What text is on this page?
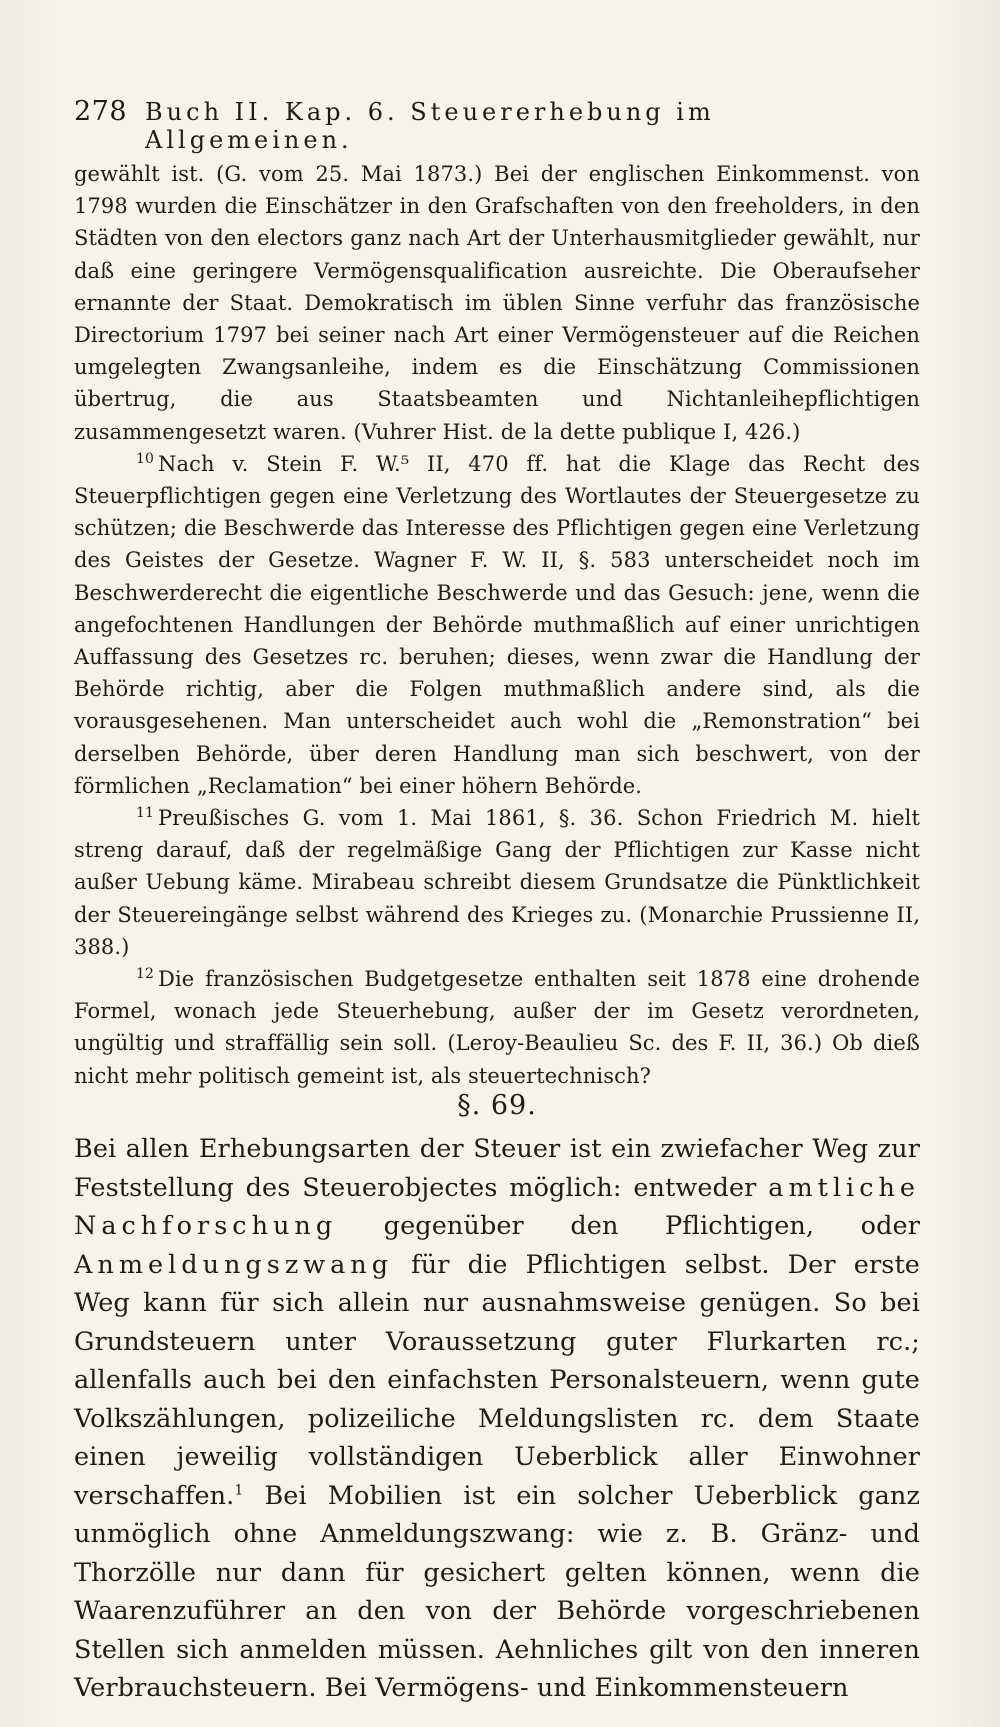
278 Buch II. Kap. 6. Steuererhebung im Allgemeinen.

gewählt ist. (G. vom 25. Mai 1873.) Bei der englischen Einkommenst. von 1798 wurden die Einschätzer in den Grafschaften von den freeholders, in den Städten von den electors ganz nach Art der Unterhausmitglieder gewählt, nur daß eine geringere Vermögensqualification ausreichte. Die Oberaufseher ernannte der Staat. Demokratisch im üblen Sinne verfuhr das französische Directorium 1797 bei seiner nach Art einer Vermögensteuer auf die Reichen umgelegten Zwangsanleihe, indem es die Einschätzung Commissionen übertrug, die aus Staatsbeamten und Nichtanleihepflichtigen zusammengesetzt waren. (Vuhrer Hist. de la dette publique I, 426.)

$^{10}$ Nach v. Stein F. W.⁵ II, 470 ff. hat die Klage das Recht des Steuerpflichtigen gegen eine Verletzung des Wortlautes der Steuergesetze zu schützen; die Beschwerde das Interesse des Pflichtigen gegen eine Verletzung des Geistes der Gesetze. Wagner F. W. II, §. 583 unterscheidet noch im Beschwerderecht die eigentliche Beschwerde und das Gesuch: jene, wenn die angefochtenen Handlungen der Behörde muthmaßlich auf einer unrichtigen Auffassung des Gesetzes rc. beruhen; dieses, wenn zwar die Handlung der Behörde richtig, aber die Folgen muthmaßlich andere sind, als die vorausgesehenen. Man unterscheidet auch wohl die „Remonstration“ bei derselben Behörde, über deren Handlung man sich beschwert, von der förmlichen „Reclamation“ bei einer höhern Behörde.

$^{11}$ Preußisches G. vom 1. Mai 1861, §. 36. Schon Friedrich M. hielt streng darauf, daß der regelmäßige Gang der Pflichtigen zur Kasse nicht außer Uebung käme. Mirabeau schreibt diesem Grundsatze die Pünktlichkeit der Steuereingänge selbst während des Krieges zu. (Monarchie Prussienne II, 388.)

$^{12}$ Die französischen Budgetgesetze enthalten seit 1878 eine drohende Formel, wonach jede Steuerhebung, außer der im Gesetz verordneten, ungültig und straffällig sein soll. (Leroy-Beaulieu Sc. des F. II, 36.) Ob dieß nicht mehr politisch gemeint ist, als steuertechnisch?

§. 69.

Bei allen Erhebungsarten der Steuer ist ein zwiefacher Weg zur Feststellung des Steuerobjectes möglich: entweder amtliche Nachforschung gegenüber den Pflichtigen, oder Anmeldungszwang für die Pflichtigen selbst. Der erste Weg kann für sich allein nur ausnahmsweise genügen. So bei Grundsteuern unter Voraussetzung guter Flurkarten rc.; allenfalls auch bei den einfachsten Personalsteuern, wenn gute Volkszählungen, polizeiliche Meldungslisten rc. dem Staate einen jeweilig vollständigen Ueberblick aller Einwohner verschaffen.$^1$ Bei Mobilien ist ein solcher Ueberblick ganz unmöglich ohne Anmeldungszwang: wie z. B. Gränz- und Thorzölle nur dann für gesichert gelten können, wenn die Waarenzuführer an den von der Behörde vorgeschriebenen Stellen sich anmelden müssen. Aehnliches gilt von den inneren Verbrauchsteuern. Bei Vermögens- und Einkommensteuern
